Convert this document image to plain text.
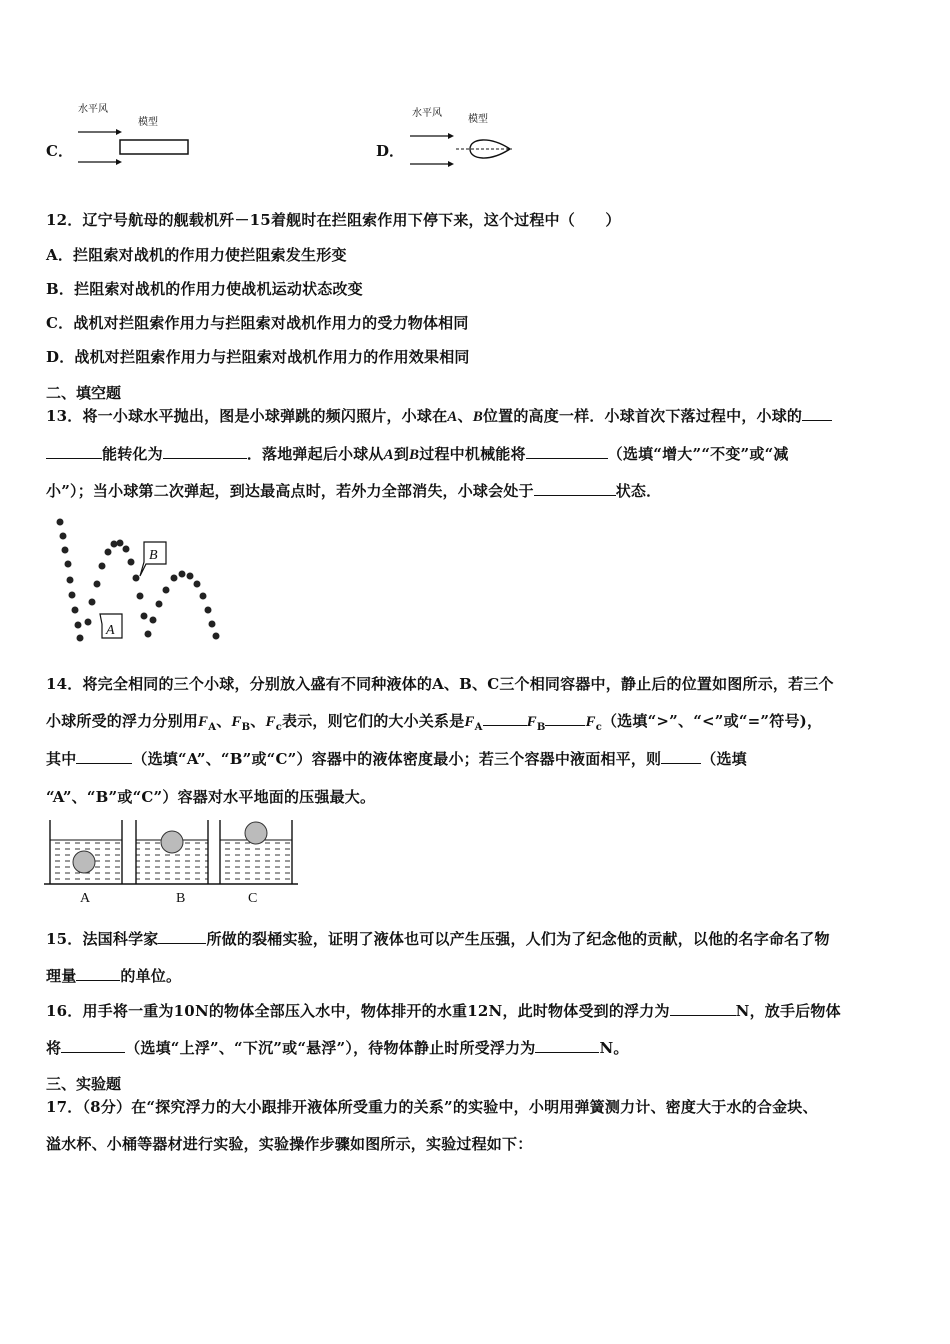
C．
水平风
模型
D．
水平风
模型
12．辽宁号航母的舰载机歼－15着舰时在拦阻索作用下停下来，这个过程中（　　）
A．拦阻索对战机的作用力使拦阻索发生形变
B．拦阻索对战机的作用力使战机运动状态改变
C．战机对拦阻索作用力与拦阻索对战机作用力的受力物体相同
D．战机对拦阻索作用力与拦阻索对战机作用力的作用效果相同
二、填空题
13．将一小球水平抛出，图是小球弹跳的频闪照片，小球在A、B位置的高度一样．小球首次下落过程中，小球的
能转化为	．落地弹起后小球从A到B过程中机械能将	（选填“增大”“不变”或“减
小”）；当小球第二次弹起，到达最高点时，若外力全部消失，小球会处于	状态．
A
B
14．将完全相同的三个小球，分别放入盛有不同种液体的A、B、C三个相同容器中，静止后的位置如图所示，若三个
小球所受的浮力分别用$F_A$、$F_B$、$F_c$表示，则它们的大小关系是$F_A$	$F_B$	$F_c$（选填“>”、“<”或“=”符号)，
其中	（选填“A”、“B”或“C”）容器中的液体密度最小；若三个容器中液面相平，则	（选填
“A”、“B”或“C”）容器对水平地面的压强最大。
A	B	C
15．法国科学家	所做的裂桶实验，证明了液体也可以产生压强，人们为了纪念他的贡献，以他的名字命名了物
理量	的单位。
16．用手将一重为10N的物体全部压入水中，物体排开的水重12N，此时物体受到的浮力为	N，放手后物体
将	（选填“上浮”、“下沉”或“悬浮”），待物体静止时所受浮力为	N。
三、实验题
17．（8分）在“探究浮力的大小跟排开液体所受重力的关系”的实验中，小明用弹簧测力计、密度大于水的合金块、
溢水杯、小桶等器材进行实验，实验操作步骤如图所示，实验过程如下：
